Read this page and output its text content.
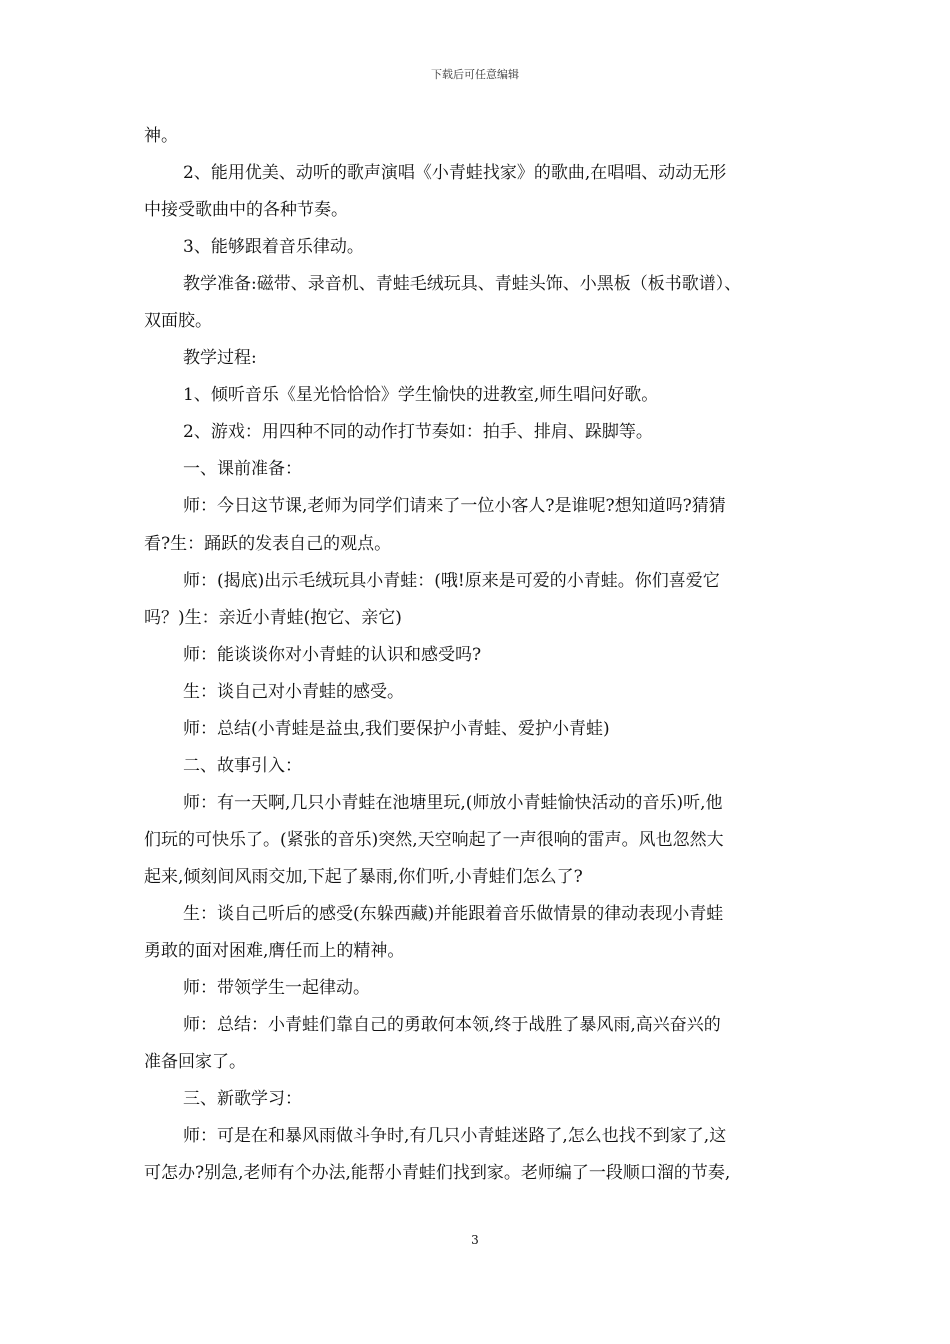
下载后可任意编辑
神。
2、能用优美、动听的歌声演唱《小青蛙找家》的歌曲,在唱唱、动动无形
中接受歌曲中的各种节奏。
3、能够跟着音乐律动。
教学准备:磁带、录音机、青蛙毛绒玩具、青蛙头饰、小黑板（板书歌谱）、
双面胶。
教学过程:
1、倾听音乐《星光恰恰恰》学生愉快的进教室,师生唱问好歌。
2、游戏：用四种不同的动作打节奏如：拍手、排肩、跺脚等。
一、课前准备：
师：今日这节课,老师为同学们请来了一位小客人?是谁呢?想知道吗?猜猜
看?生：踊跃的发表自己的观点。
师：(揭底)出示毛绒玩具小青蛙：(哦!原来是可爱的小青蛙。你们喜爱它
吗？)生：亲近小青蛙(抱它、亲它)
师：能谈谈你对小青蛙的认识和感受吗?
生：谈自己对小青蛙的感受。
师：总结(小青蛙是益虫,我们要保护小青蛙、爱护小青蛙)
二、故事引入：
师：有一天啊,几只小青蛙在池塘里玩,(师放小青蛙愉快活动的音乐)听,他
们玩的可快乐了。(紧张的音乐)突然,天空响起了一声很响的雷声。风也忽然大
起来,倾刻间风雨交加,下起了暴雨,你们听,小青蛙们怎么了?
生：谈自己听后的感受(东躲西藏)并能跟着音乐做情景的律动表现小青蛙
勇敢的面对困难,膺任而上的精神。
师：带领学生一起律动。
师：总结：小青蛙们靠自己的勇敢何本领,终于战胜了暴风雨,高兴奋兴的
准备回家了。
三、新歌学习：
师：可是在和暴风雨做斗争时,有几只小青蛙迷路了,怎么也找不到家了,这
可怎办?别急,老师有个办法,能帮小青蛙们找到家。老师编了一段顺口溜的节奏,
3
